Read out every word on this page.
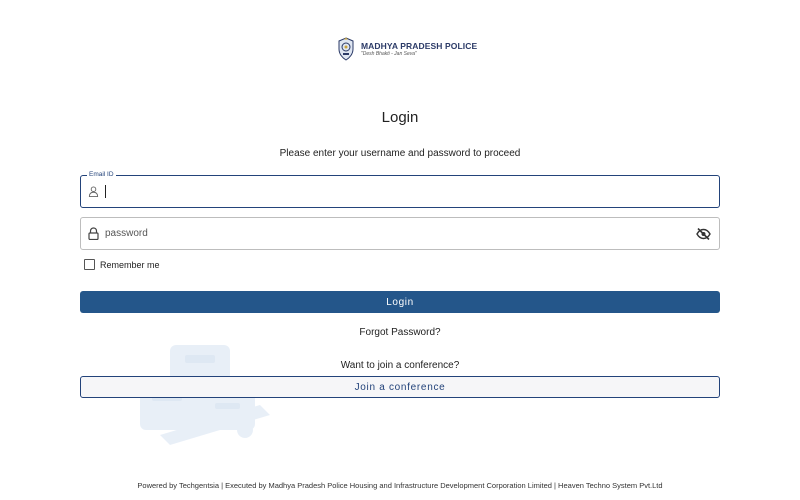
MADHYA PRADESH POLICE
"Desh Bhakti - Jan Seva"
Login
Please enter your username and password to proceed
Email ID
Remember me
Login
Forgot Password?
Want to join a conference?
Join a conference
Powered by Techgentsia | Executed by Madhya Pradesh Police Housing and Infrastructure Development Corporation Limited | Heaven Techno System Pvt.Ltd
